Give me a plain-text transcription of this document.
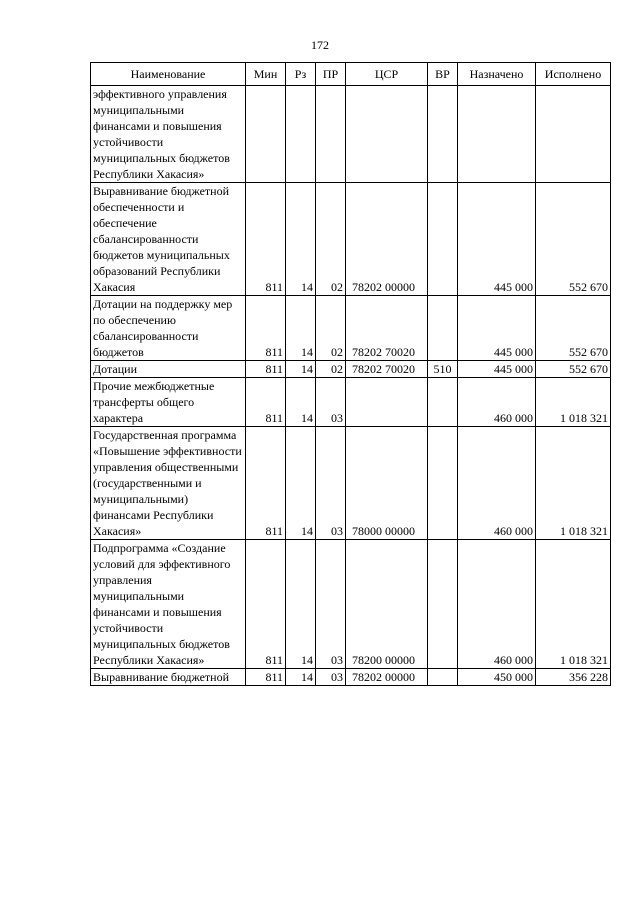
172
Наименование	Мин	Рз	ПР	ЦСР	ВР	Назначено	Исполнено
эффективного управления муниципальными финансами и повышения устойчивости муниципальных бюджетов Республики Хакасия»							
Выравнивание бюджетной обеспеченности и обеспечение сбалансированности бюджетов муниципальных образований Республики Хакасия	811	14	02	78202 00000		445 000	552 670
Дотации на поддержку мер по обеспечению сбалансированности бюджетов	811	14	02	78202 70020		445 000	552 670
Дотации	811	14	02	78202 70020	510	445 000	552 670
Прочие межбюджетные трансферты общего характера	811	14	03			460 000	1 018 321
Государственная программа «Повышение эффективности управления общественными (государственными и муниципальными) финансами Республики Хакасия»	811	14	03	78000 00000		460 000	1 018 321
Подпрограмма «Создание условий для эффективного управления муниципальными финансами и повышения устойчивости муниципальных бюджетов Республики Хакасия»	811	14	03	78200 00000		460 000	1 018 321
Выравнивание бюджетной	811	14	03	78202 00000		450 000	356 228
